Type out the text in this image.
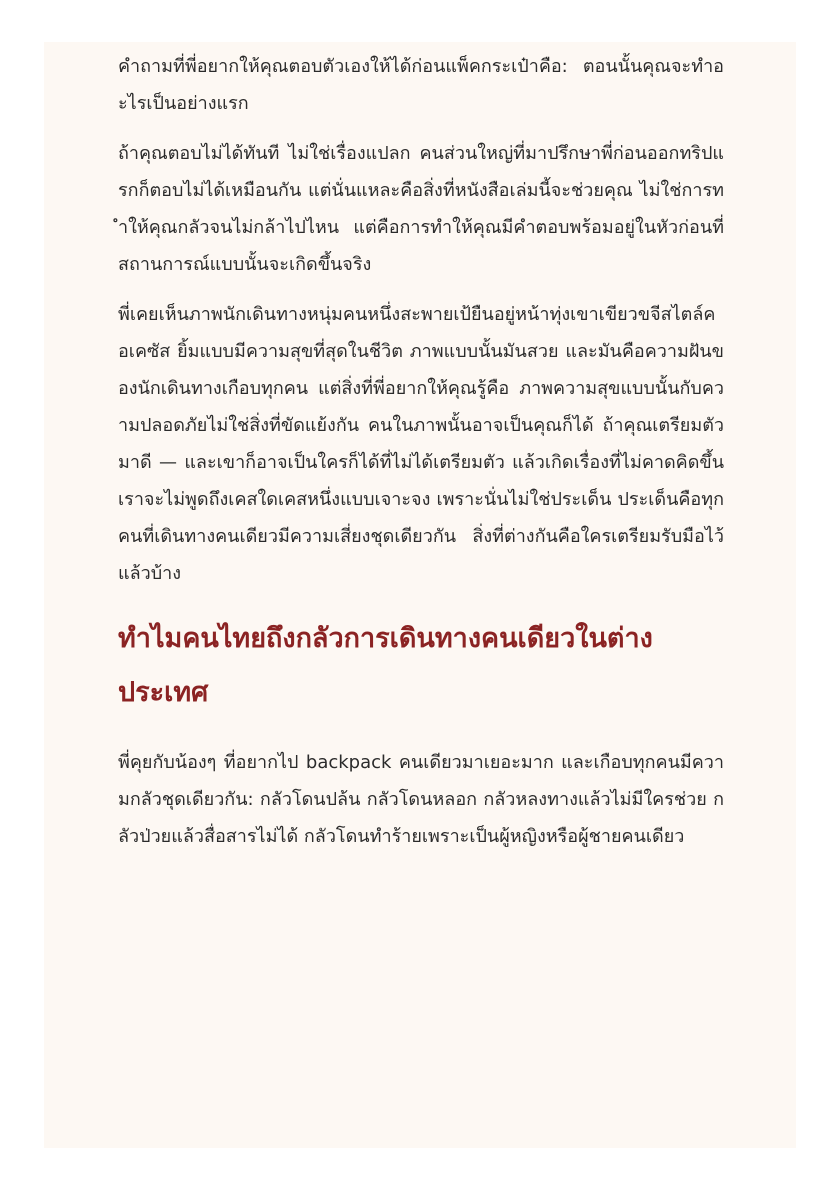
คำถามที่พี่อยากให้คุณตอบตัวเองให้ได้ก่อนแพ็คกระเป๋าคือ: ตอนนั้นคุณจะทำอะไรเป็นอย่างแรก

ถ้าคุณตอบไม่ได้ทันที ไม่ใช่เรื่องแปลก คนส่วนใหญ่ที่มาปรึกษาพี่ก่อนออกทริปแรกก็ตอบไม่ได้เหมือนกัน แต่นั่นแหละคือสิ่งที่หนังสือเล่มนี้จะช่วยคุณ ไม่ใช่การทำให้คุณกลัวจนไม่กล้าไปไหน แต่คือการทำให้คุณมีคำตอบพร้อมอยู่ในหัวก่อนที่สถานการณ์แบบนั้นจะเกิดขึ้นจริง

พี่เคยเห็นภาพนักเดินทางหนุ่มคนหนึ่งสะพายเป้ยืนอยู่หน้าทุ่งเขาเขียวขจีสไตล์คอเคซัส ยิ้มแบบมีความสุขที่สุดในชีวิต ภาพแบบนั้นมันสวย และมันคือความฝันของนักเดินทางเกือบทุกคน แต่สิ่งที่พี่อยากให้คุณรู้คือ ภาพความสุขแบบนั้นกับความปลอดภัยไม่ใช่สิ่งที่ขัดแย้งกัน คนในภาพนั้นอาจเป็นคุณก็ได้ ถ้าคุณเตรียมตัวมาดี — และเขาก็อาจเป็นใครก็ได้ที่ไม่ได้เตรียมตัว แล้วเกิดเรื่องที่ไม่คาดคิดขึ้น เราจะไม่พูดถึงเคสใดเคสหนึ่งแบบเจาะจง เพราะนั่นไม่ใช่ประเด็น ประเด็นคือทุกคนที่เดินทางคนเดียวมีความเสี่ยงชุดเดียวกัน สิ่งที่ต่างกันคือใครเตรียมรับมือไว้แล้วบ้าง

ทำไมคนไทยถึงกลัวการเดินทางคนเดียวในต่างประเทศ

พี่คุยกับน้องๆ ที่อยากไป backpack คนเดียวมาเยอะมาก และเกือบทุกคนมีความกลัวชุดเดียวกัน: กลัวโดนปล้น กลัวโดนหลอก กลัวหลงทางแล้วไม่มีใครช่วย กลัวป่วยแล้วสื่อสารไม่ได้ กลัวโดนทำร้ายเพราะเป็นผู้หญิงหรือผู้ชายคนเดียว
